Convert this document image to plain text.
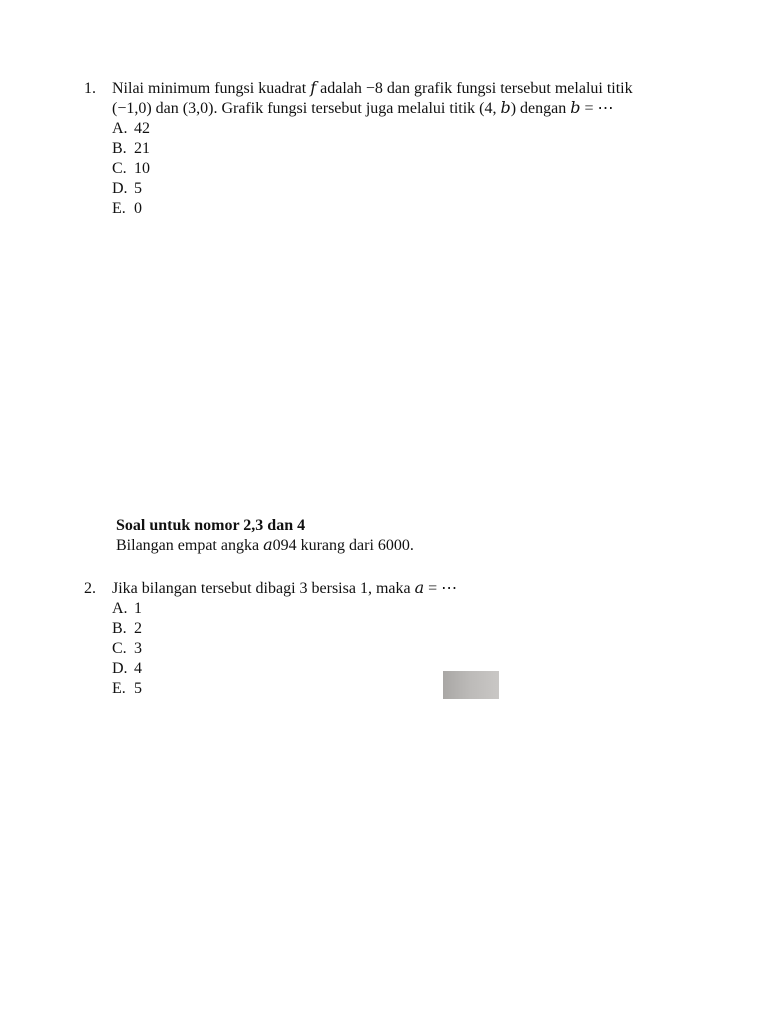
1.	Nilai minimum fungsi kuadrat 𝑓 adalah −8 dan grafik fungsi tersebut melalui titik
(−1,0) dan (3,0). Grafik fungsi tersebut juga melalui titik (4, 𝑏) dengan 𝑏 = ⋯
A. 42
B. 21
C. 10
D. 5
E. 0
Soal untuk nomor 2,3 dan 4
Bilangan empat angka 𝑎094 kurang dari 6000.
2.	Jika bilangan tersebut dibagi 3 bersisa 1, maka 𝑎 = ⋯
A. 1
B. 2
C. 3
D. 4
E. 5
